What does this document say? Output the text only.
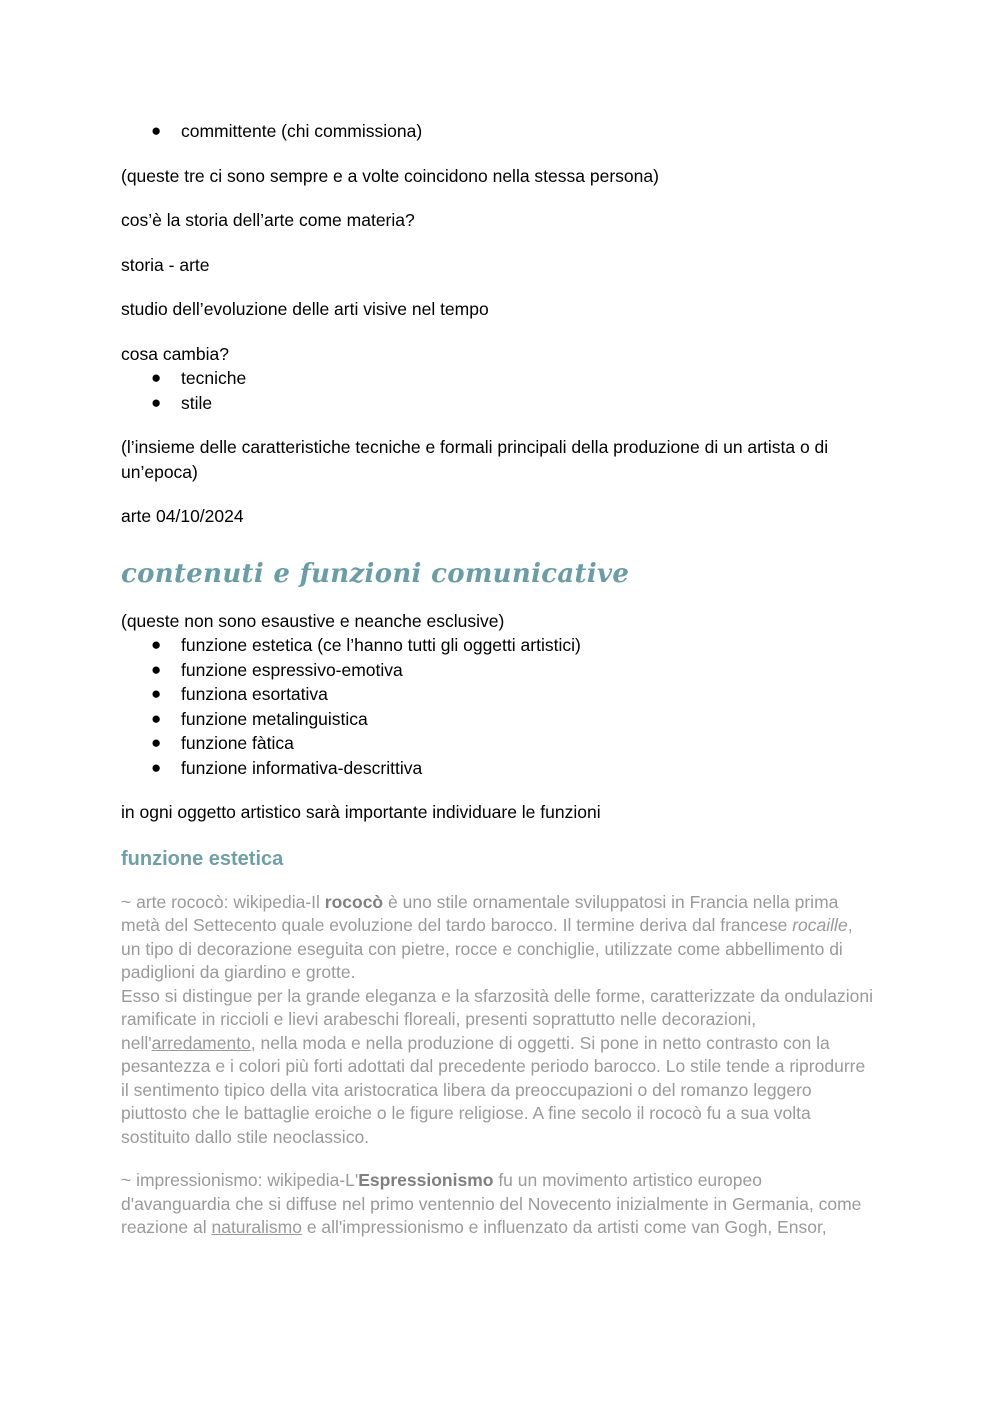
● committente (chi commissiona)

(queste tre ci sono sempre e a volte coincidono nella stessa persona)

cos’è la storia dell’arte come materia?

storia - arte

studio dell’evoluzione delle arti visive nel tempo

cosa cambia?

● tecniche
● stile

(l’insieme delle caratteristiche tecniche e formali principali della produzione di un artista o di
un’epoca)

arte 04/10/2024

contenuti e funzioni comunicative

(queste non sono esaustive e neanche esclusive)

● funzione estetica (ce l’hanno tutti gli oggetti artistici)
● funzione espressivo-emotiva
● funziona esortativa
● funzione metalinguistica
● funzione fàtica
● funzione informativa-descrittiva

in ogni oggetto artistico sarà importante individuare le funzioni

funzione estetica

~ arte rococò: wikipedia-Il rococò è uno stile ornamentale sviluppatosi in Francia nella prima
metà del Settecento quale evoluzione del tardo barocco. Il termine deriva dal francese rocaille,
un tipo di decorazione eseguita con pietre, rocce e conchiglie, utilizzate come abbellimento di
padiglioni da giardino e grotte.
Esso si distingue per la grande eleganza e la sfarzosità delle forme, caratterizzate da ondulazioni
ramificate in riccioli e lievi arabeschi floreali, presenti soprattutto nelle decorazioni,
nell'arredamento, nella moda e nella produzione di oggetti. Si pone in netto contrasto con la
pesantezza e i colori più forti adottati dal precedente periodo barocco. Lo stile tende a riprodurre
il sentimento tipico della vita aristocratica libera da preoccupazioni o del romanzo leggero
piuttosto che le battaglie eroiche o le figure religiose. A fine secolo il rococò fu a sua volta
sostituito dallo stile neoclassico.

~ impressionismo: wikipedia-L'Espressionismo fu un movimento artistico europeo
d'avanguardia che si diffuse nel primo ventennio del Novecento inizialmente in Germania, come
reazione al naturalismo e all'impressionismo e influenzato da artisti come van Gogh, Ensor,
